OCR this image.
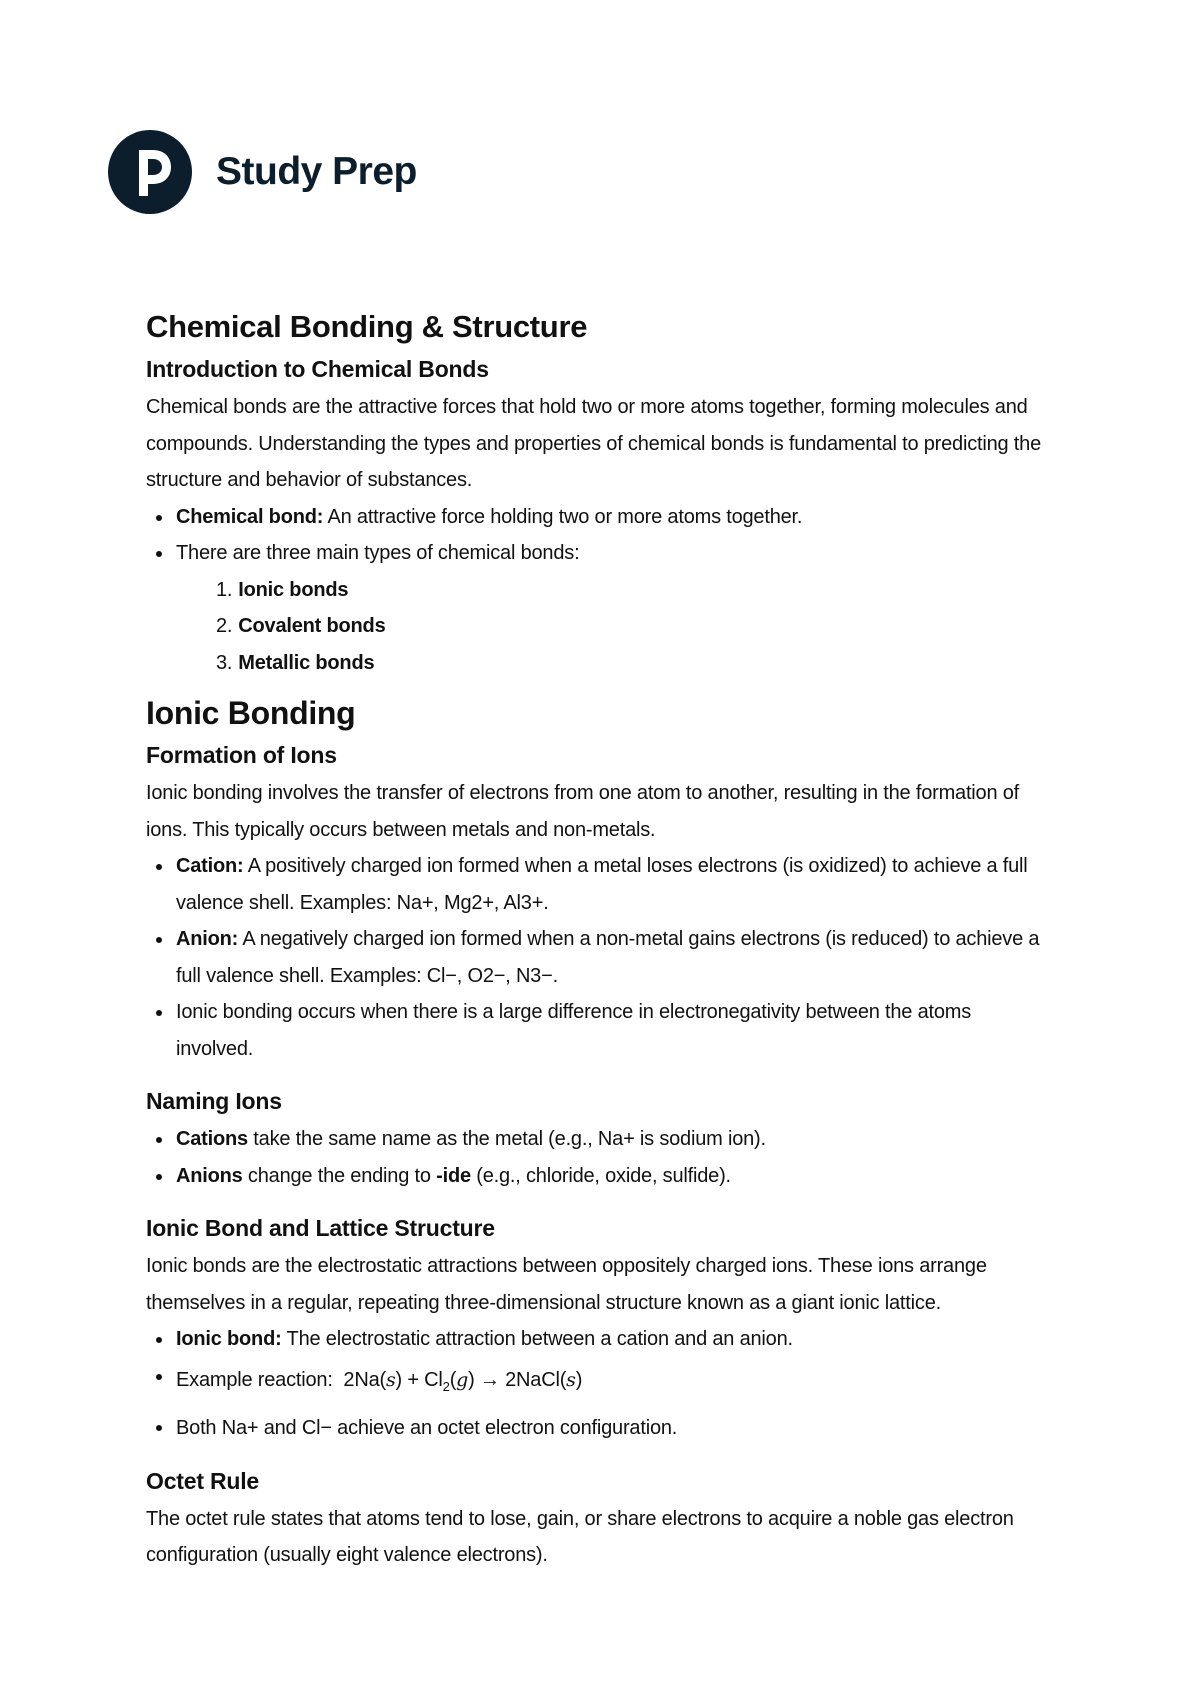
Study Prep
Chemical Bonding & Structure
Introduction to Chemical Bonds

Chemical bonds are the attractive forces that hold two or more atoms together, forming molecules and compounds. Understanding the types and properties of chemical bonds is fundamental to predicting the structure and behavior of substances.

Chemical bond: An attractive force holding two or more atoms together.
There are three main types of chemical bonds:
1. Ionic bonds
2. Covalent bonds
3. Metallic bonds
Ionic Bonding
Formation of Ions

Ionic bonding involves the transfer of electrons from one atom to another, resulting in the formation of ions. This typically occurs between metals and non-metals.

Cation: A positively charged ion formed when a metal loses electrons (is oxidized) to achieve a full valence shell. Examples: Na+, Mg2+, Al3+.
Anion: A negatively charged ion formed when a non-metal gains electrons (is reduced) to achieve a full valence shell. Examples: Cl−, O2−, N3−.
Ionic bonding occurs when there is a large difference in electronegativity between the atoms involved.
Naming Ions
Cations take the same name as the metal (e.g., Na+ is sodium ion).
Anions change the ending to -ide (e.g., chloride, oxide, sulfide).
Ionic Bond and Lattice Structure

Ionic bonds are the electrostatic attractions between oppositely charged ions. These ions arrange themselves in a regular, repeating three-dimensional structure known as a giant ionic lattice.

Ionic bond: The electrostatic attraction between a cation and an anion.
Example reaction: $2Na(s) + Cl_2(g)$ → 2NaCl(s)
Both Na+ and Cl− achieve an octet electron configuration.
Octet Rule

The octet rule states that atoms tend to lose, gain, or share electrons to acquire a noble gas electron configuration (usually eight valence electrons).
